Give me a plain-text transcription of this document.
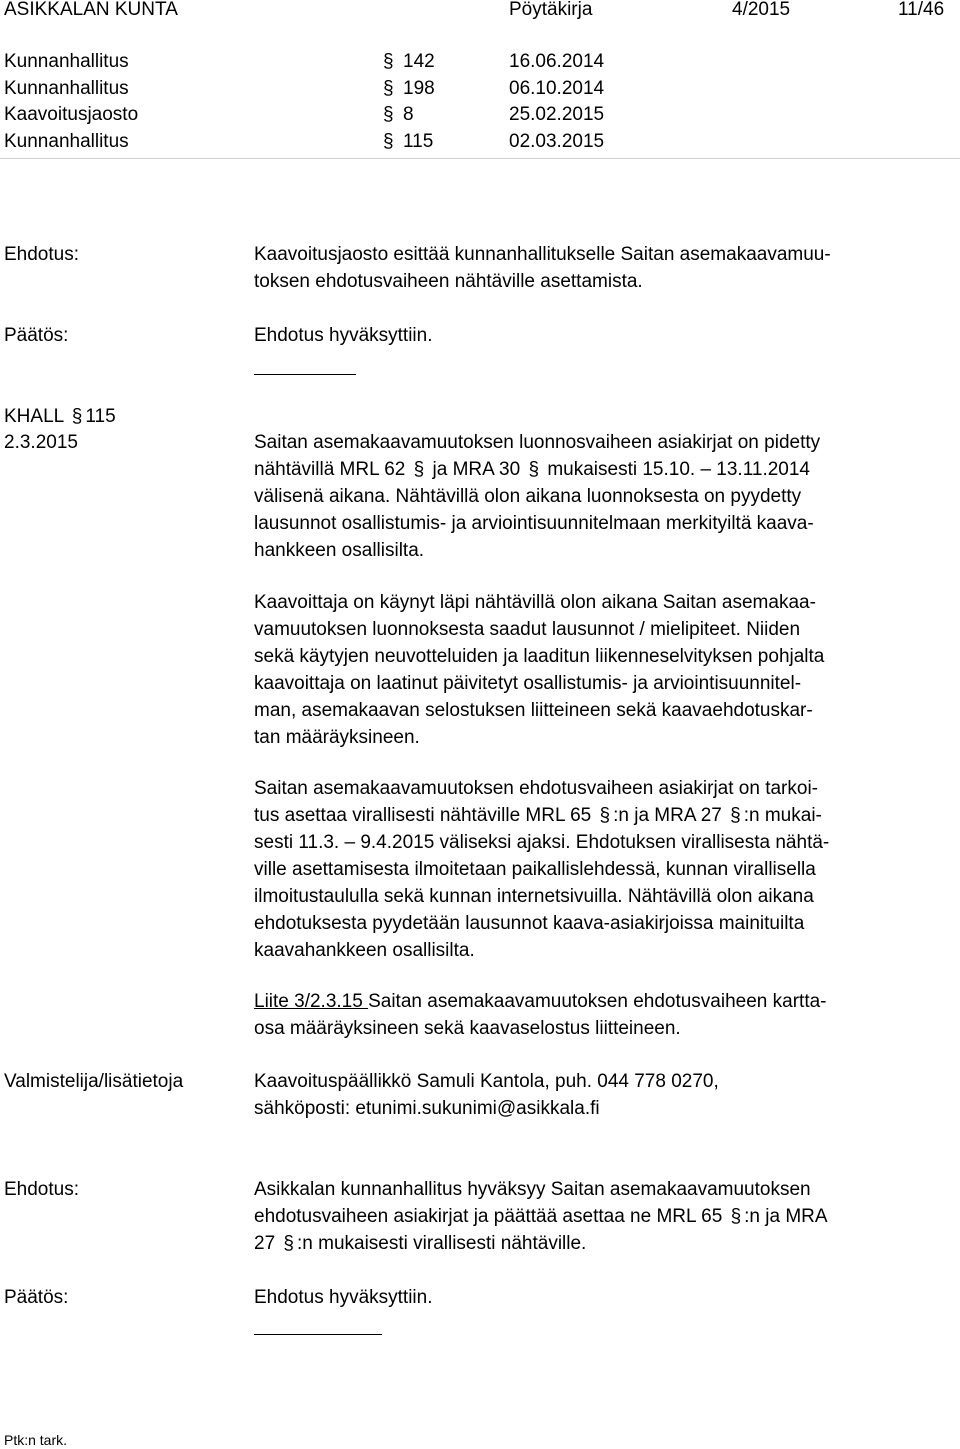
ASIKKALAN KUNTA	Pöytäkirja	4/2015	11/46
Kunnanhallitus	§ 142	16.06.2014
Kunnanhallitus	§ 198	06.10.2014
Kaavoitusjaosto	§ 8	25.02.2015
Kunnanhallitus	§ 115	02.03.2015
Ehdotus:	Kaavoitusjaosto esittää kunnanhallitukselle Saitan asemakaavamuu-
toksen ehdotusvaiheen nähtäville asettamista.
Päätös:	Ehdotus hyväksyttiin.
KHALL § 115
2.3.2015	Saitan asemakaavamuutoksen luonnosvaiheen asiakirjat on pidetty

nähtävillä MRL 62 § ja MRA 30 § mukaisesti 15.10. – 13.11.2014

välisenä aikana. Nähtävillä olon aikana luonnoksesta on pyydetty

lausunnot osallistumis- ja arviointisuunnitelmaan merkityiltä kaava-

hankkeen osallisilta.

Kaavoittaja on käynyt läpi nähtävillä olon aikana Saitan asemakaa-

vamuutoksen luonnoksesta saadut lausunnot / mielipiteet. Niiden

sekä käytyjen neuvotteluiden ja laaditun liikenneselvityksen pohjalta

kaavoittaja on laatinut päivitetyt osallistumis- ja arviointisuunnitel-

man, asemakaavan selostuksen liitteineen sekä kaavaehdotuskar-

tan määräyksineen.

Saitan asemakaavamuutoksen ehdotusvaiheen asiakirjat on tarkoi-

tus asettaa virallisesti nähtäville MRL 65 § :n ja MRA 27 § :n mukai-

sesti 11.3. – 9.4.2015 väliseksi ajaksi. Ehdotuksen virallisesta nähtä-

ville asettamisesta ilmoitetaan paikallislehdessä, kunnan virallisella

ilmoitustaululla sekä kunnan internetsivuilla. Nähtävillä olon aikana

ehdotuksesta pyydetään lausunnot kaava-asiakirjoissa mainituilta

kaavahankkeen osallisilta.

Liite 3/2.3.15 Saitan asemakaavamuutoksen ehdotusvaiheen kartta-

osa määräyksineen sekä kaavaselostus liitteineen.

Valmistelija/lisätietoja	Kaavoituspäällikkö Samuli Kantola, puh. 044 778 0270,
sähköposti: etunimi.sukunimi@asikkala.fi
Ehdotus:	Asikkalan kunnanhallitus hyväksyy Saitan asemakaavamuutoksen
ehdotusvaiheen asiakirjat ja päättää asettaa ne MRL 65 § :n ja MRA
27 § :n mukaisesti virallisesti nähtäville.
Päätös:	Ehdotus hyväksyttiin.
Ptk:n tark.
